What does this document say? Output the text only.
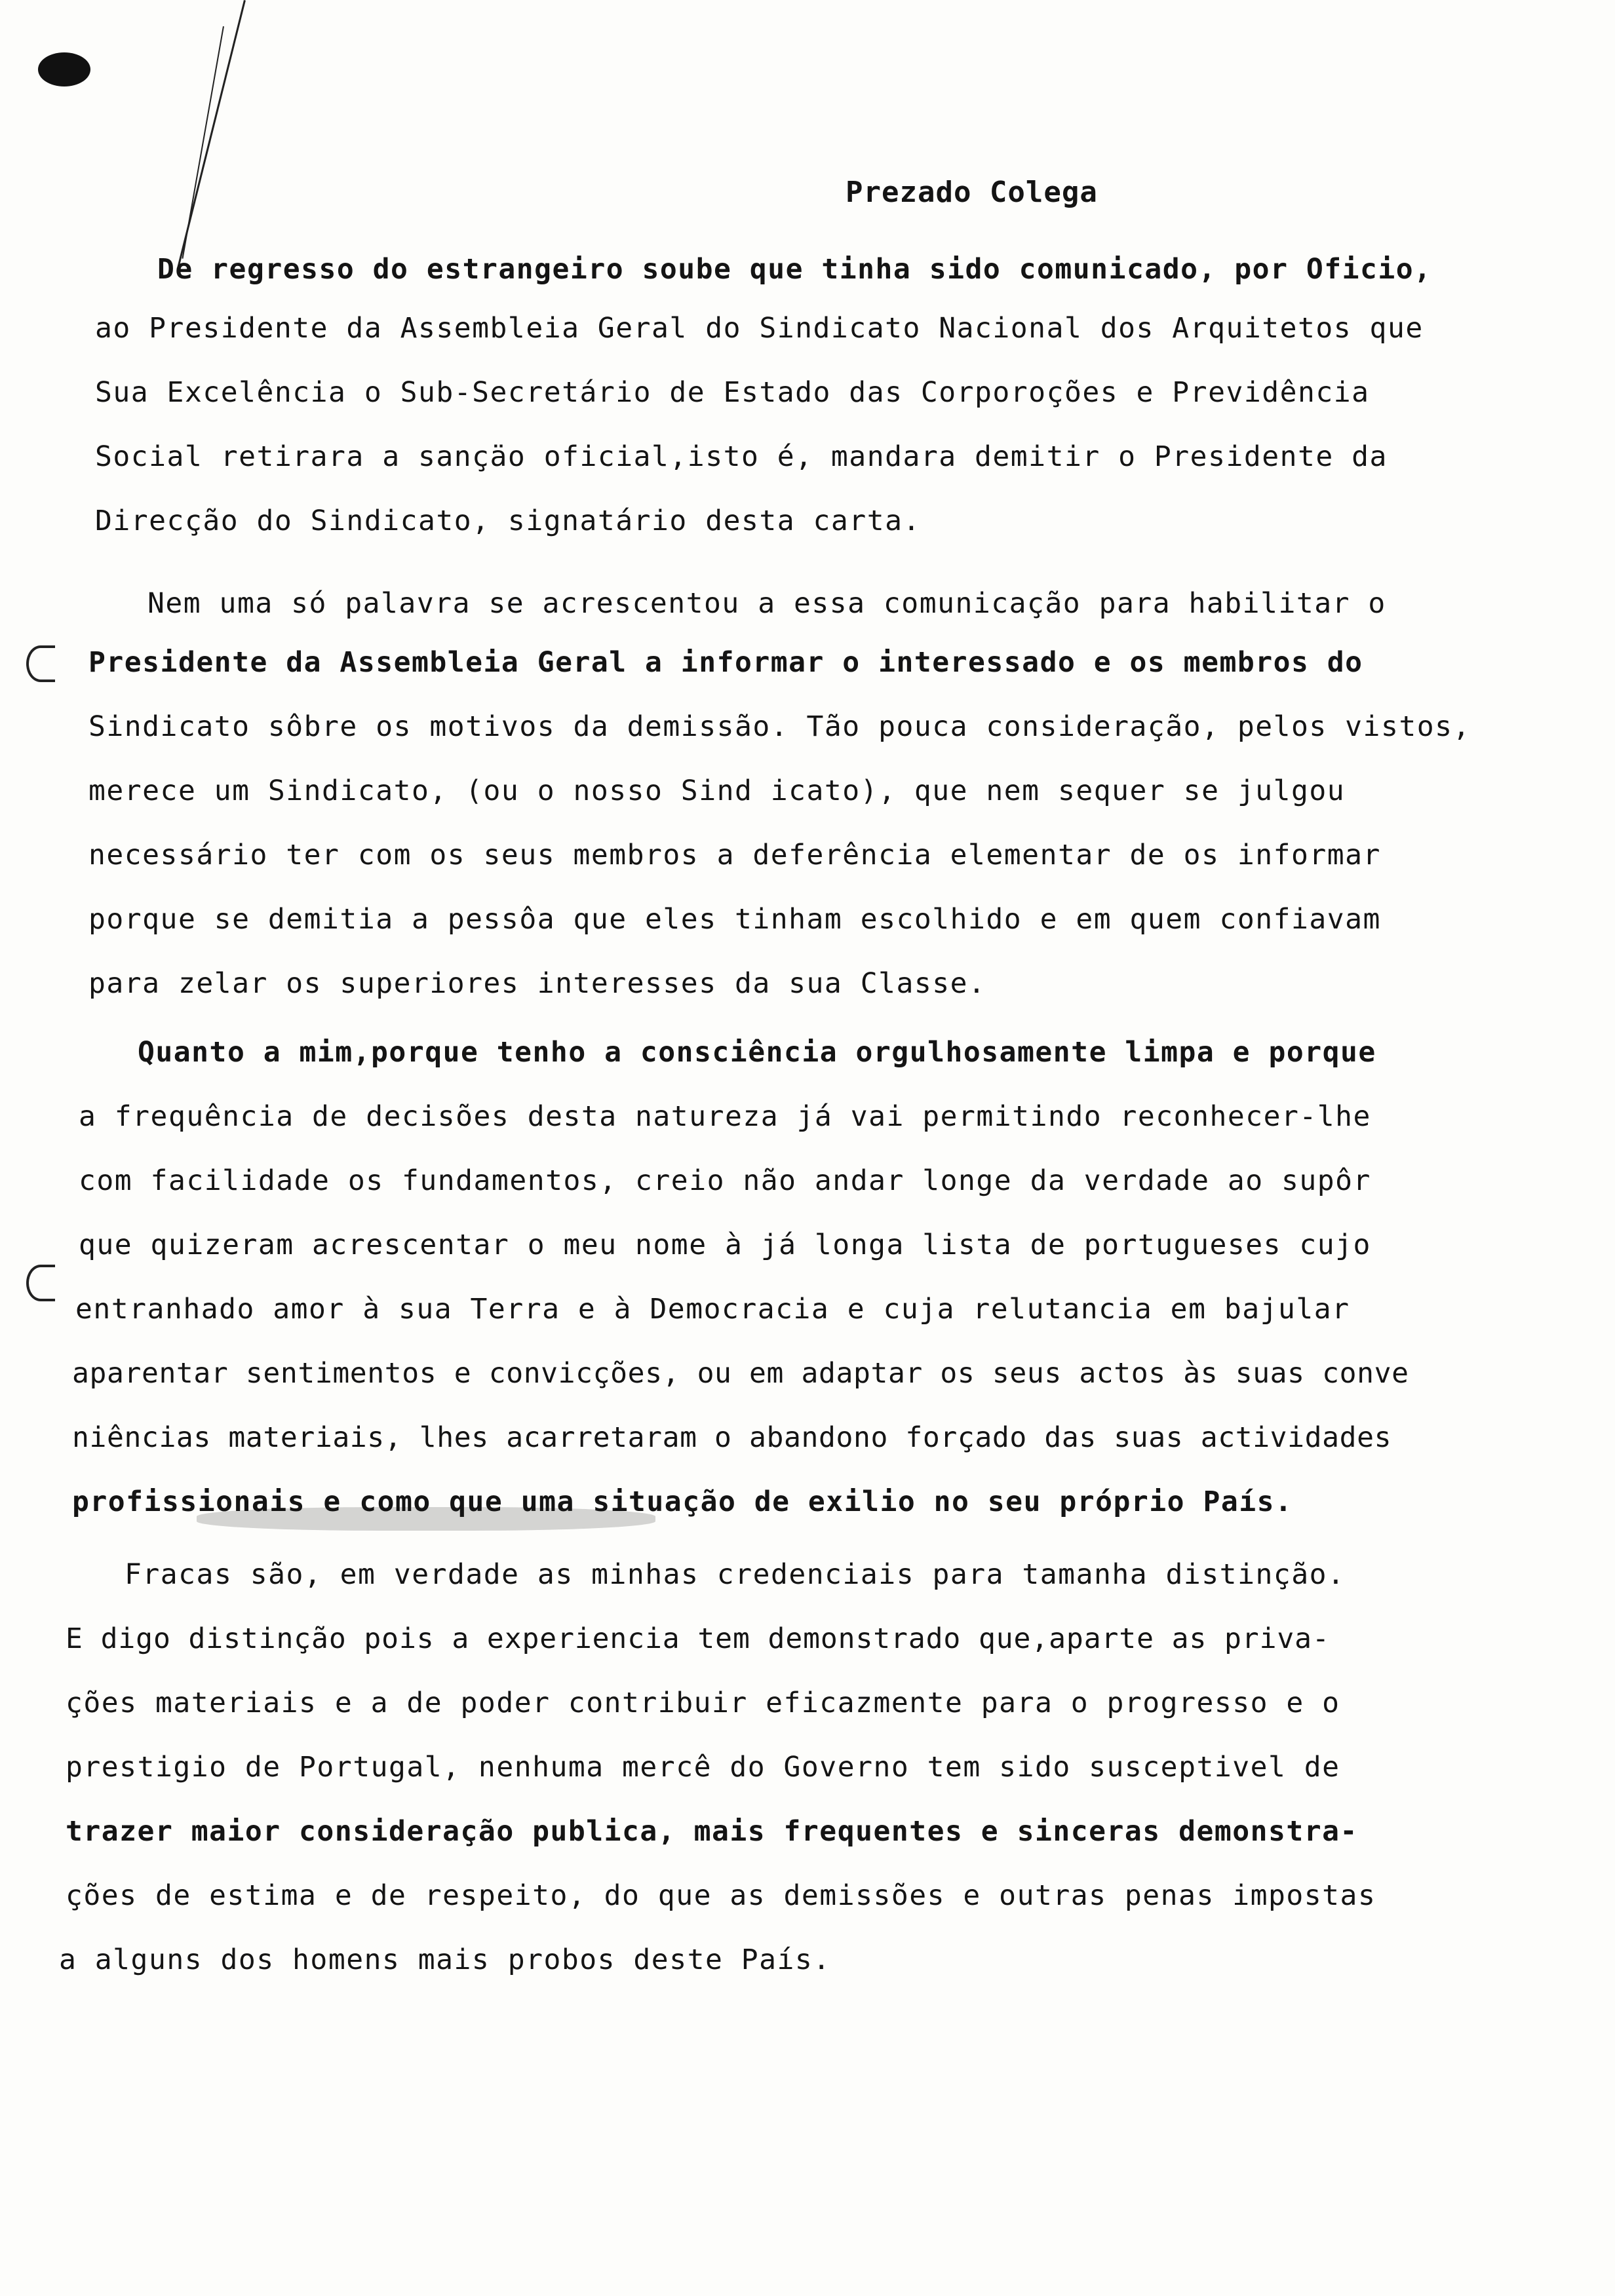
Prezado Colega
De regresso do estrangeiro soube que tinha sido comunicado, por Oficio,
ao Presidente da Assembleia Geral do Sindicato Nacional dos Arquitetos que
Sua Excelência o Sub-Secretário de Estado das Corporoções e Previdência
Social retirara a sançäo oficial,isto é, mandara demitir o Presidente da
Direcção do Sindicato, signatário desta carta.
Nem uma só palavra se acrescentou a essa comunicação para habilitar o
Presidente da Assembleia Geral a informar o interessado e os membros do
Sindicato sôbre os motivos da demissão. Tão pouca consideração, pelos vistos,
merece um Sindicato, (ou o nosso Sind icato), que nem sequer se julgou
necessário ter com os seus membros a deferência elementar de os informar
porque se demitia a pessôa que eles tinham escolhido e em quem confiavam
para zelar os superiores interesses da sua Classe.
Quanto a mim,porque tenho a consciência orgulhosamente limpa e porque
a frequência de decisões desta natureza já vai permitindo reconhecer-lhe
com facilidade os fundamentos, creio não andar longe da verdade ao supôr
que quizeram acrescentar o meu nome à já longa lista de portugueses cujo
entranhado amor à sua Terra e à Democracia e cuja relutancia em bajular
aparentar sentimentos e convicções, ou em adaptar os seus actos às suas conve
niências materiais, lhes acarretaram o abandono forçado das suas actividades
profissionais e como que uma situação de exilio no seu próprio País.
Fracas são, em verdade as minhas credenciais para tamanha distinção.
E digo distinção pois a experiencia tem demonstrado que,aparte as priva-
ções materiais e a de poder contribuir eficazmente para o progresso e o
prestigio de Portugal, nenhuma mercê do Governo tem sido susceptivel de
trazer maior consideração publica, mais frequentes e sinceras demonstra-
ções de estima e de respeito, do que as demissões e outras penas impostas
a alguns dos homens mais probos deste País.
